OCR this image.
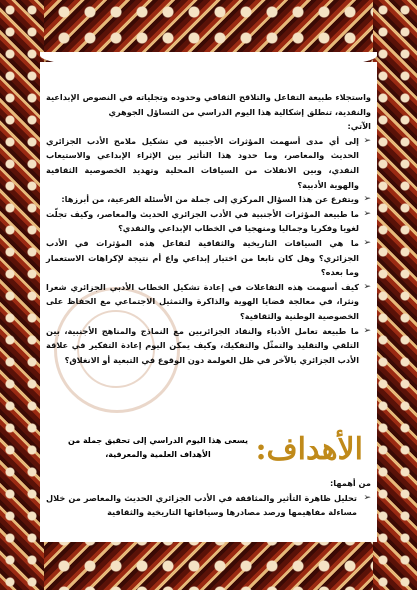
واستجلاء طبيعة التفاعل والتلاقح الثقافي وحدوده وتجلياته في النصوص الإبداعية والنقدية، تنطلق إشكالية هذا اليوم الدراسي من التساؤل الجوهري

الآتي:

➢
إلى أي مدى أسهمت المؤثرات الأجنبية في تشكيل ملامح الأدب الجزائري الحديث والمعاصر، وما حدود هذا التأثير بين الإثراء الإبداعي والاستيعاب النقدي، وبين الانفلات من السياقات المحلية وتهديد الخصوصية الثقافية والهوية الأدبية؟

➢
ويتفرع عن هذا السؤال المركزي إلى جملة من الأسئلة الفرعية، من أبرزها:

➢
ما طبيعة المؤثرات الأجنبية في الأدب الجزائري الحديث والمعاصر، وكيف تجلّت لغويا وفكريا وجماليا ومنهجيا في الخطاب الإبداعي والنقدي؟

➢
ما هي السياقات التاريخية والثقافية لتفاعل هذه المؤثرات في الأدب الجزائري؟ وهل كان نابعا من اختيار إبداعي واع أم نتيجة لإكراهات الاستعمار وما بعده؟

➢
كيف أسهمت هذه التفاعلات في إعادة تشكيل الخطاب الأدبي الجزائري شعرا ونثرا، في معالجة قضايا الهوية والذاكرة والتمثيل الاجتماعي مع الحفاظ على الخصوصية الوطنية والثقافية؟

➢
ما طبيعة تعامل الأدباء والنقاد الجزائريين مع النماذج والمناهج الأجنبية، بين التلقي والتقليد والتمثّل والتفكيك، وكيف يمكن اليوم إعادة التفكير في علاقة الأدب الجزائري بالآخر في ظل العولمة دون الوقوع في التبعية أو الانغلاق؟

الأهداف:
يسعى هذا اليوم الدراسي إلى تحقيق جملة من الأهداف العلمية والمعرفية،

من أهمها:

➢
تحليل ظاهرة التأثير والمثاقفة في الأدب الجزائري الحديث والمعاصر من خلال مساءلة مفاهيمها ورصد مصادرها وسياقاتها التاريخية والثقافية
